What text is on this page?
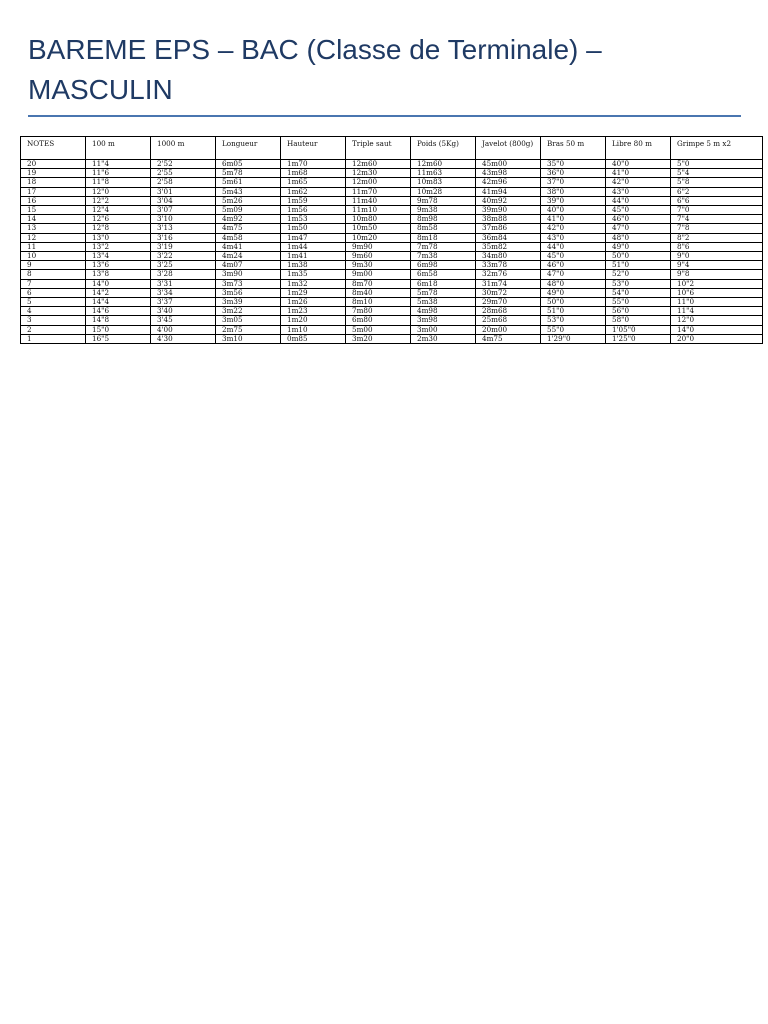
BAREME EPS – BAC (Classe de Terminale) – MASCULIN
NOTES	100 m	1000 m	Longueur	Hauteur	Triple saut	Poids (5Kg)	Javelot (800g)	Bras 50 m	Libre 80 m	Grimpe 5 m x2
20	11"4	2'52	6m05	1m70	12m60	12m60	45m00	35"0	40"0	5"0
19	11"6	2'55	5m78	1m68	12m30	11m63	43m98	36"0	41"0	5"4
18	11"8	2'58	5m61	1m65	12m00	10m83	42m96	37"0	42"0	5"8
17	12"0	3'01	5m43	1m62	11m70	10m28	41m94	38"0	43"0	6"2
16	12"2	3'04	5m26	1m59	11m40	9m78	40m92	39"0	44"0	6"6
15	12"4	3'07	5m09	1m56	11m10	9m38	39m90	40"0	45"0	7"0
14	12"6	3'10	4m92	1m53	10m80	8m98	38m88	41"0	46"0	7"4
13	12"8	3'13	4m75	1m50	10m50	8m58	37m86	42"0	47"0	7"8
12	13"0	3'16	4m58	1m47	10m20	8m18	36m84	43"0	48"0	8"2
11	13"2	3'19	4m41	1m44	9m90	7m78	35m82	44"0	49"0	8"6
10	13"4	3'22	4m24	1m41	9m60	7m38	34m80	45"0	50"0	9"0
9	13"6	3'25	4m07	1m38	9m30	6m98	33m78	46"0	51"0	9"4
8	13"8	3'28	3m90	1m35	9m00	6m58	32m76	47"0	52"0	9"8
7	14"0	3'31	3m73	1m32	8m70	6m18	31m74	48"0	53"0	10"2
6	14"2	3'34	3m56	1m29	8m40	5m78	30m72	49"0	54"0	10"6
5	14"4	3'37	3m39	1m26	8m10	5m38	29m70	50"0	55"0	11"0
4	14"6	3'40	3m22	1m23	7m80	4m98	28m68	51"0	56"0	11"4
3	14"8	3'45	3m05	1m20	6m80	3m98	25m68	53"0	58"0	12"0
2	15"0	4'00	2m75	1m10	5m00	3m00	20m00	55"0	1'05"0	14"0
1	16"5	4'30	3m10	0m85	3m20	2m30	4m75	1'29"0	1'25"0	20"0
